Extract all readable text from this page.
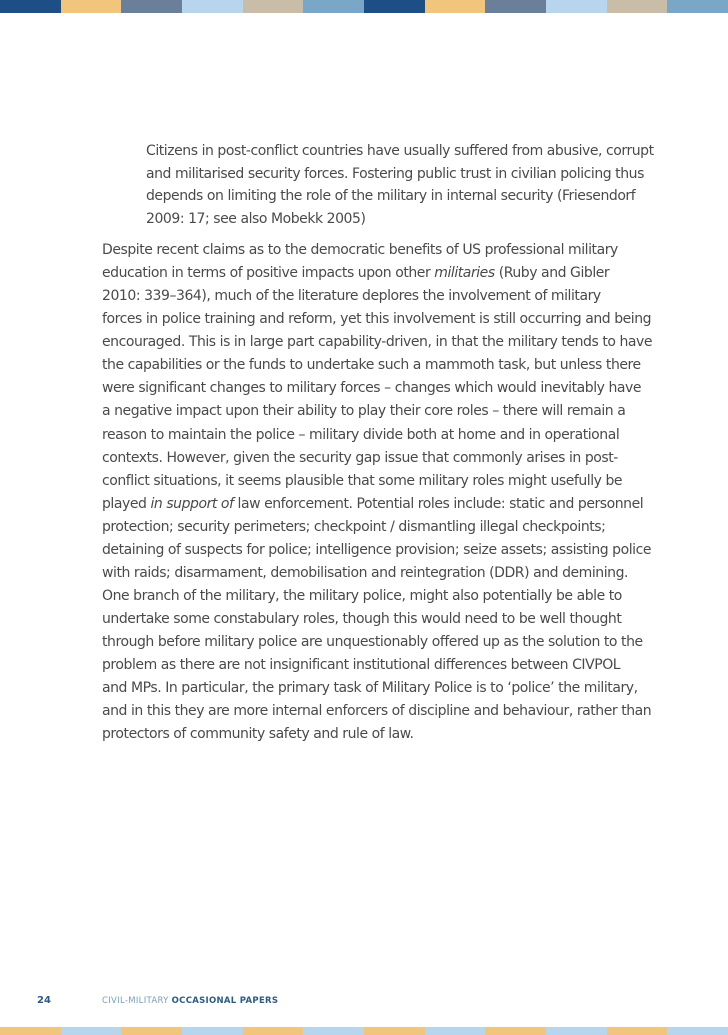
Citizens in post-conflict countries have usually suffered from abusive, corrupt
and militarised security forces. Fostering public trust in civilian policing thus
depends on limiting the role of the military in internal security (Friesendorf
2009: 17; see also Mobekk 2005)
Despite recent claims as to the democratic benefits of US professional military
education in terms of positive impacts upon other militaries (Ruby and Gibler
2010: 339–364), much of the literature deplores the involvement of military
forces in police training and reform, yet this involvement is still occurring and being
encouraged. This is in large part capability-driven, in that the military tends to have
the capabilities or the funds to undertake such a mammoth task, but unless there
were significant changes to military forces – changes which would inevitably have
a negative impact upon their ability to play their core roles – there will remain a
reason to maintain the police – military divide both at home and in operational
contexts. However, given the security gap issue that commonly arises in post-
conflict situations, it seems plausible that some military roles might usefully be
played in support of law enforcement. Potential roles include: static and personnel
protection; security perimeters; checkpoint / dismantling illegal checkpoints;
detaining of suspects for police; intelligence provision; seize assets; assisting police
with raids; disarmament, demobilisation and reintegration (DDR) and demining.
One branch of the military, the military police, might also potentially be able to
undertake some constabulary roles, though this would need to be well thought
through before military police are unquestionably offered up as the solution to the
problem as there are not insignificant institutional differences between CIVPOL
and MPs. In particular, the primary task of Military Police is to ‘police’ the military,
and in this they are more internal enforcers of discipline and behaviour, rather than
protectors of community safety and rule of law.
24	CIVIL-MILITARY OCCASIONAL PAPERS
